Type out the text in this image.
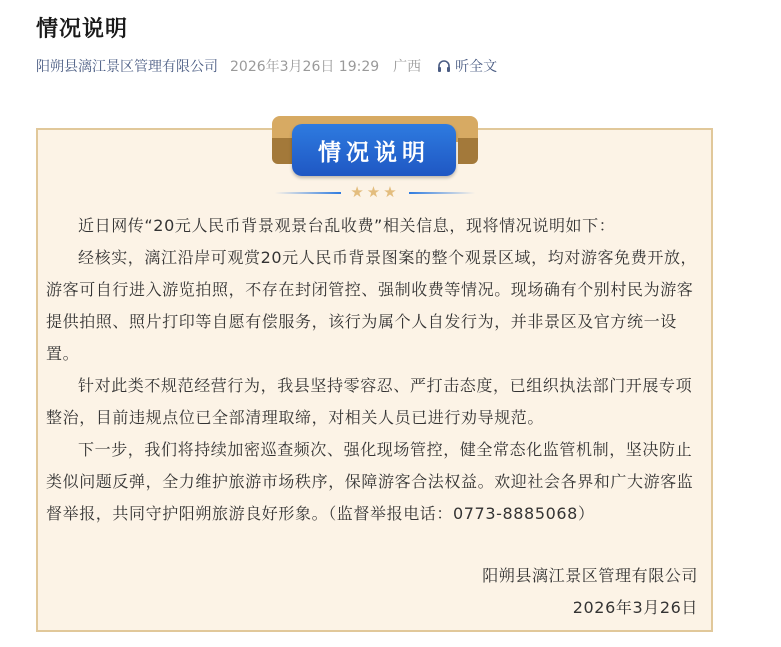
情况说明
阳朔县漓江景区管理有限公司 2026年3月26日 19:29 广西 听全文
情况说明
★★★

近日网传“20元人民币背景观景台乱收费”相关信息，现将情况说明如下：

经核实，漓江沿岸可观赏20元人民币背景图案的整个观景区域，均对游客免费开放，游客可自行进入游览拍照，不存在封闭管控、强制收费等情况。现场确有个别村民为游客提供拍照、照片打印等自愿有偿服务，该行为属个人自发行为，并非景区及官方统一设置。

针对此类不规范经营行为，我县坚持零容忍、严打击态度，已组织执法部门开展专项整治，目前违规点位已全部清理取缔，对相关人员已进行劝导规范。

下一步，我们将持续加密巡查频次、强化现场管控，健全常态化监管机制，坚决防止类似问题反弹，全力维护旅游市场秩序，保障游客合法权益。欢迎社会各界和广大游客监督举报，共同守护阳朔旅游良好形象。（监督举报电话：0773-8885068）

阳朔县漓江景区管理有限公司
2026年3月26日
